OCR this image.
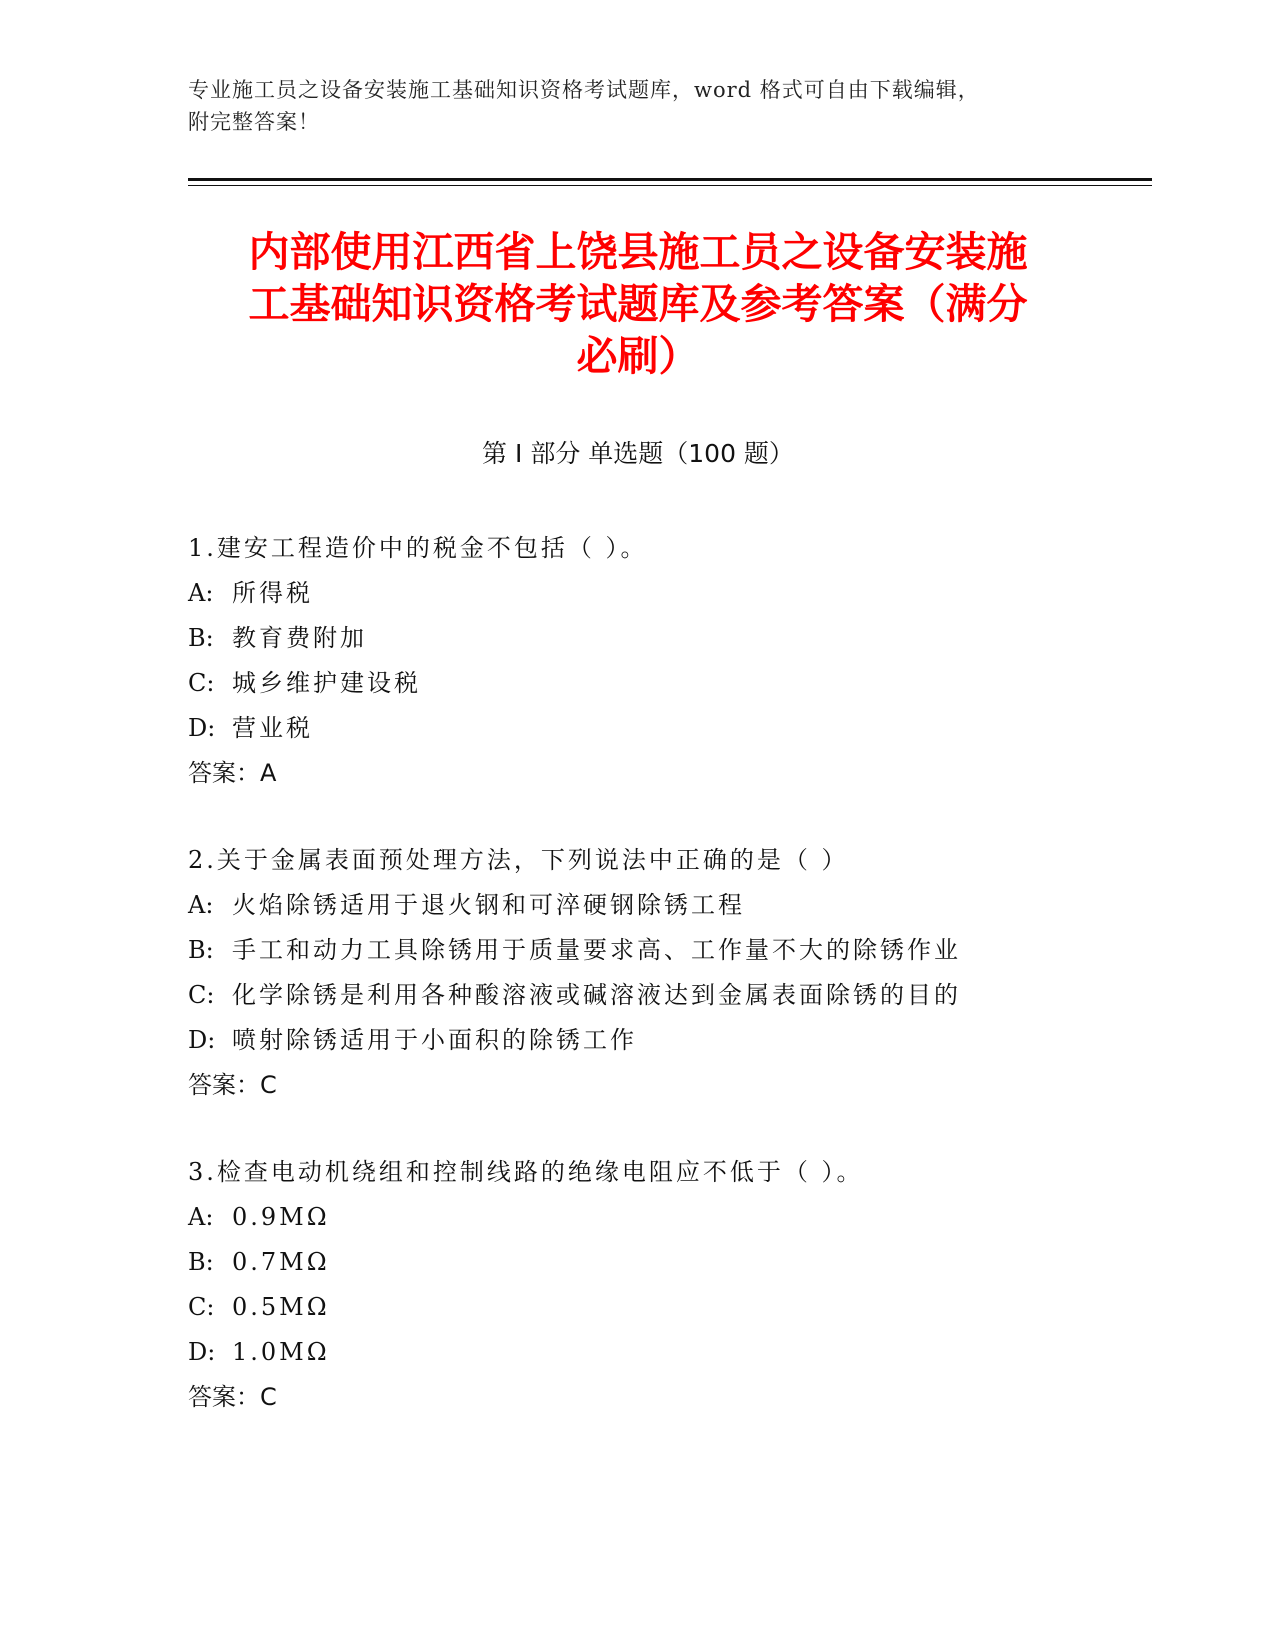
专业施工员之设备安装施工基础知识资格考试题库，word 格式可自由下载编辑，
附完整答案！
内部使用江西省上饶县施工员之设备安装施
工基础知识资格考试题库及参考答案（满分
必刷）
第 I 部分 单选题（100 题）
1.建安工程造价中的税金不包括（ ）。
A: 所得税
B: 教育费附加
C: 城乡维护建设税
D: 营业税
答案：A
2.关于金属表面预处理方法，下列说法中正确的是（ ）
A: 火焰除锈适用于退火钢和可淬硬钢除锈工程
B: 手工和动力工具除锈用于质量要求高、工作量不大的除锈作业
C: 化学除锈是利用各种酸溶液或碱溶液达到金属表面除锈的目的
D: 喷射除锈适用于小面积的除锈工作
答案：C
3.检查电动机绕组和控制线路的绝缘电阻应不低于（ ）。
A: 0.9MΩ
B: 0.7MΩ
C: 0.5MΩ
D: 1.0MΩ
答案：C
